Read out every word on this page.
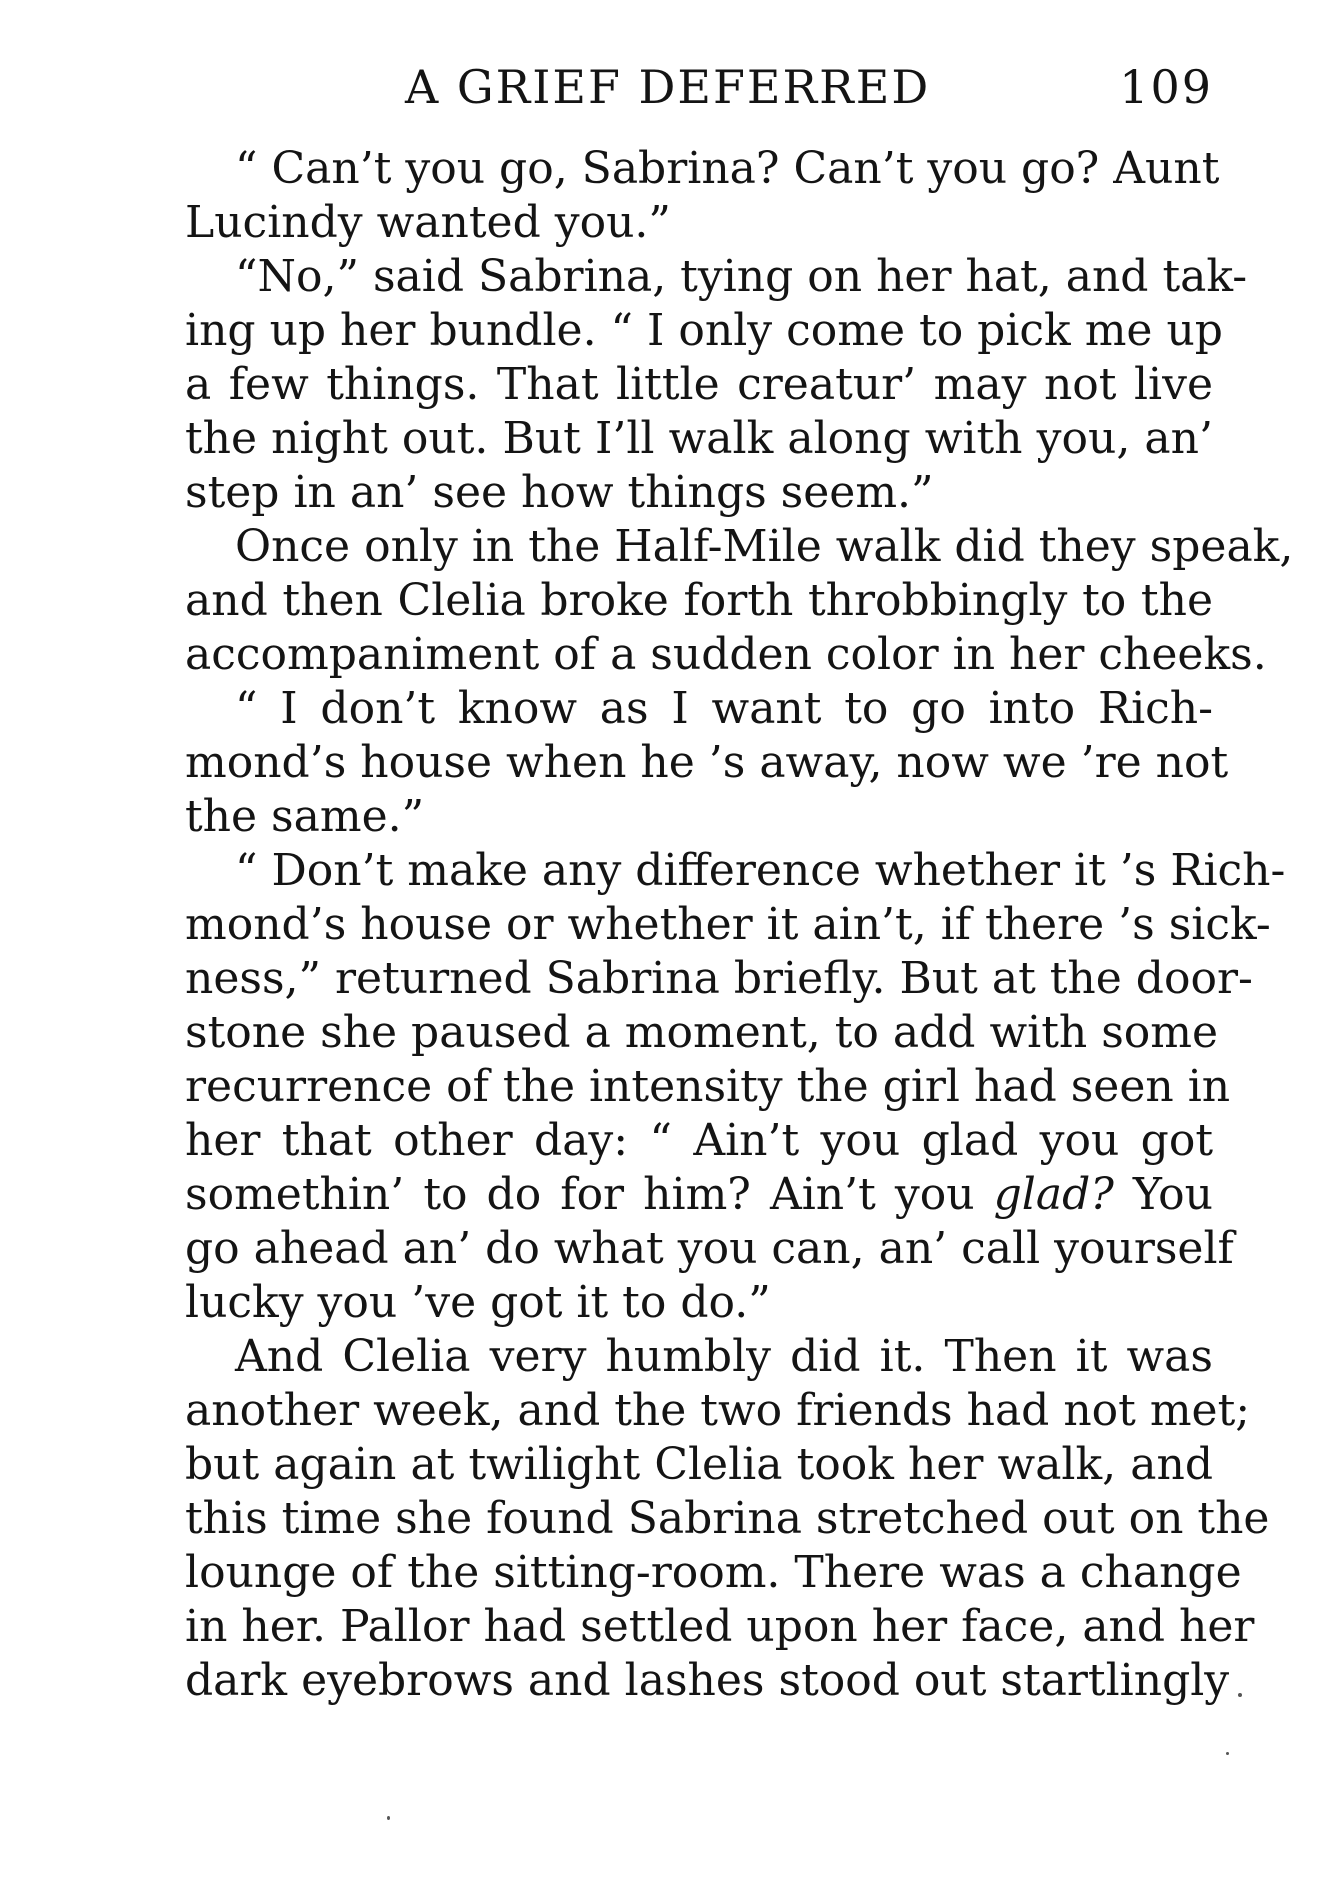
A GRIEF DEFERRED	109
“ Can’t you go, Sabrina? Can’t you go? Aunt
Lucindy wanted you.”
“No,” said Sabrina, tying on her hat, and tak-
ing up her bundle. “ I only come to pick me up
a few things. That little creatur’ may not live
the night out. But I’ll walk along with you, an’
step in an’ see how things seem.”
Once only in the Half-Mile walk did they speak,
and then Clelia broke forth throbbingly to the
accompaniment of a sudden color in her cheeks.
“ I don’t know as I want to go into Rich-
mond’s house when he ’s away, now we ’re not
the same.”
“ Don’t make any difference whether it ’s Rich-
mond’s house or whether it ain’t, if there ’s sick-
ness,” returned Sabrina briefly. But at the door-
stone she paused a moment, to add with some
recurrence of the intensity the girl had seen in
her that other day: “ Ain’t you glad you got
somethin’ to do for him? Ain’t you glad? You
go ahead an’ do what you can, an’ call yourself
lucky you ’ve got it to do.”
And Clelia very humbly did it. Then it was
another week, and the two friends had not met;
but again at twilight Clelia took her walk, and
this time she found Sabrina stretched out on the
lounge of the sitting-room. There was a change
in her. Pallor had settled upon her face, and her
dark eyebrows and lashes stood out startlingly
